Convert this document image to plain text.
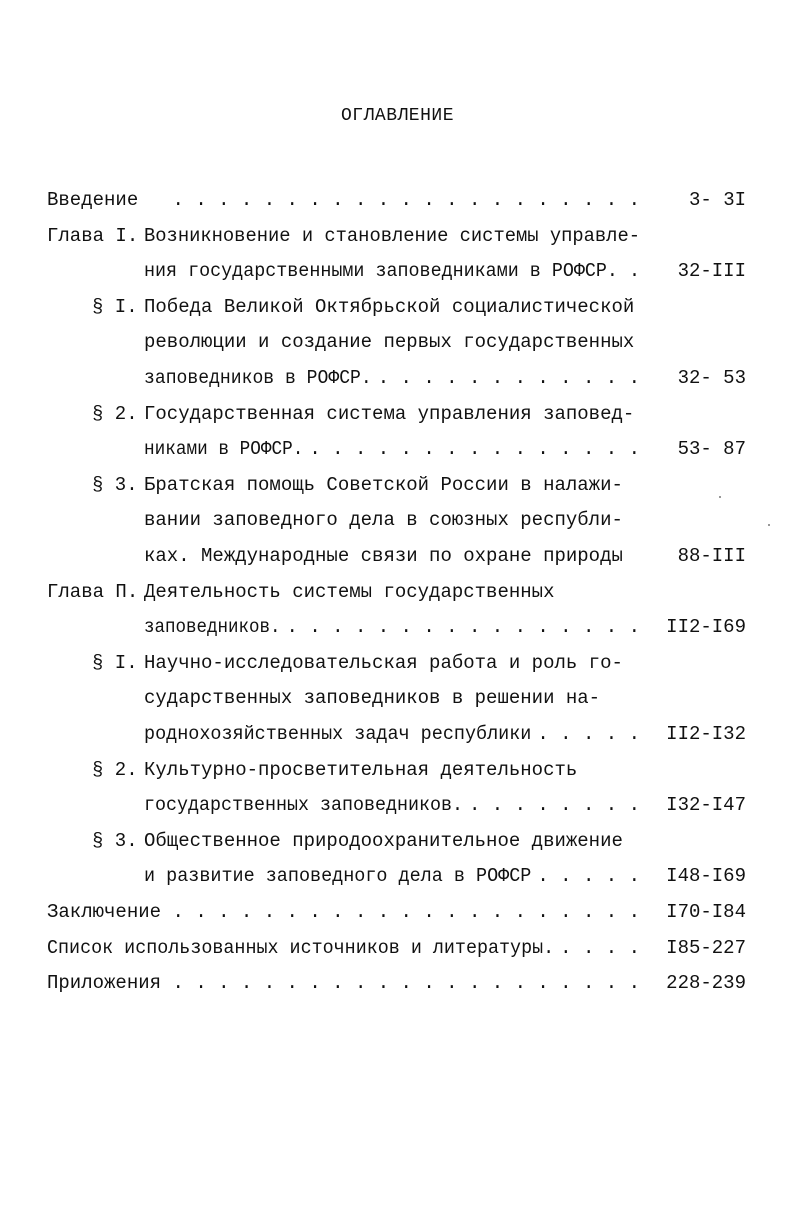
ОГЛАВЛЕНИЕ
Введение . . . . . . . . . . . . . . . . . . . . .	3- 3I
Глава I. Возникновение и становление системы управле-
ния государственными заповедниками в РОФСР. .	32-III
§ I. Победа Великой Октябрьской социалистической
революции и создание первых государственных
заповедников в РОФСР. . . . . . . . . . . . .	32- 53
§ 2. Государственная система управления заповед-
никами в РОФСР. . . . . . . . . . . . . . . .	53- 87
§ 3. Братская помощь Советской России в налажи-
вании заповедного дела в союзных республи-
ках. Международные связи по охране природы	88-III
Глава П. Деятельность системы государственных
заповедников. . . . . . . . . . . . . . . . . II2-I69
§ I. Научно-исследовательская работа и роль го-
сударственных заповедников в решении на-
роднохозяйственных задач республики . . . . . II2-I32
§ 2. Культурно-просветительная деятельность
государственных заповедников. . . . . . . . . I32-I47
§ 3. Общественное природоохранительное движение
и развитие заповедного дела в РОФСР . . . . . I48-I69
Заключение . . . . . . . . . . . . . . . . . . . . . I70-I84
Список использованных источников и литературы. . . . . I85-227
Приложения . . . . . . . . . . . . . . . . . . . . . 228-239
